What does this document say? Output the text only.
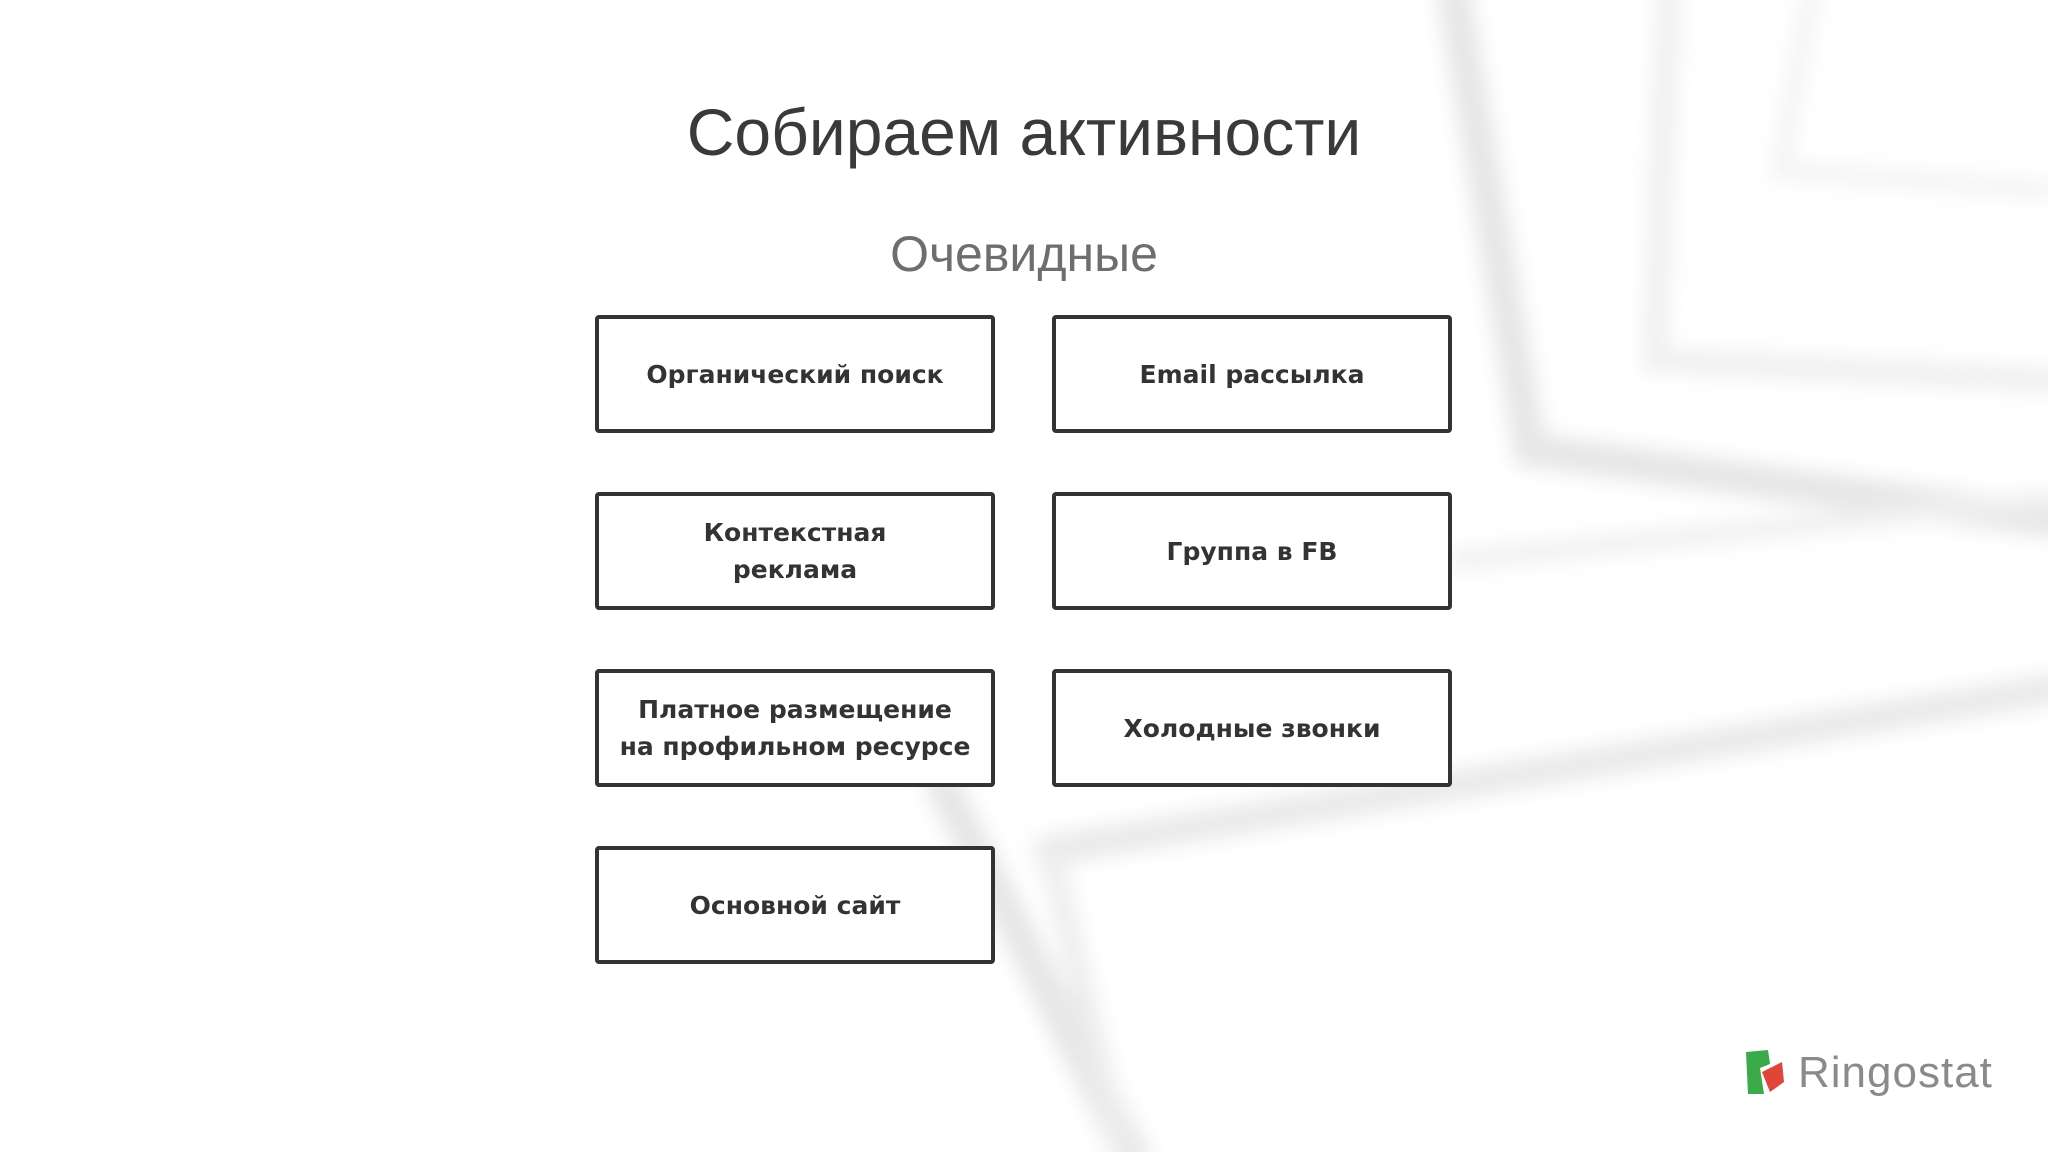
Собираем активности
Очевидные
Органический поиск	Email рассылка
Контекстная реклама
Группа в FB
Платное размещение на профильном ресурсе
Холодные звонки
Основной сайт
Ringostat
